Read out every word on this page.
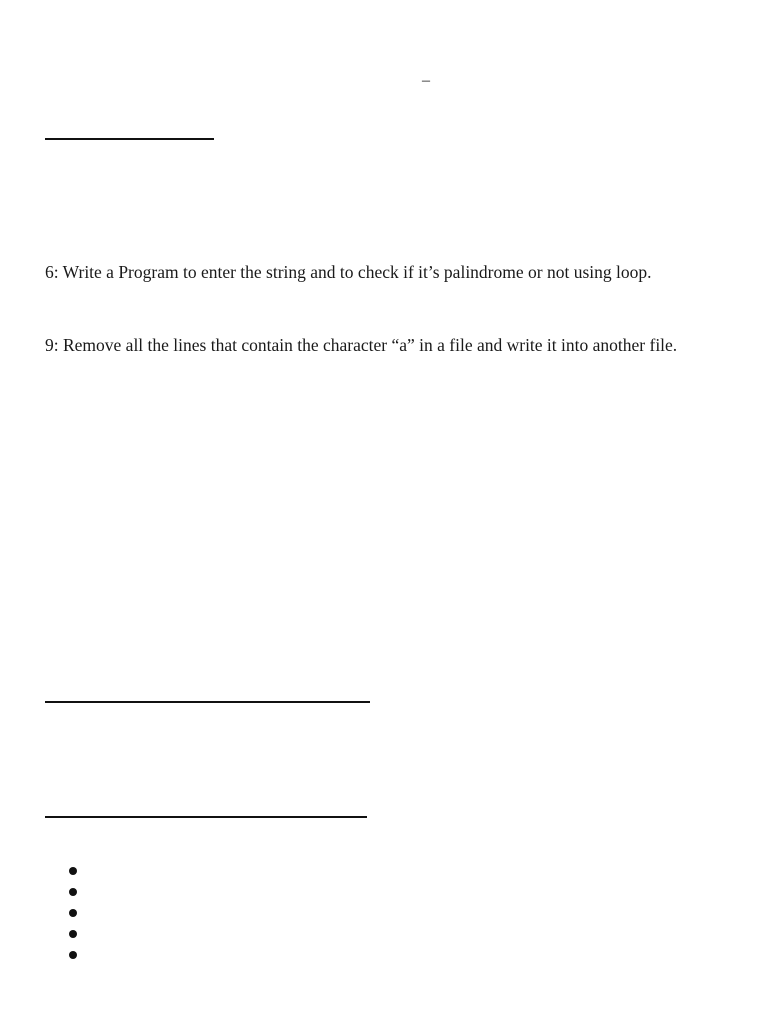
–
6: Write a Program to enter the string and to check if it’s palindrome or not using loop.
9: Remove all the lines that contain the character “a” in a file and write it into another file.
